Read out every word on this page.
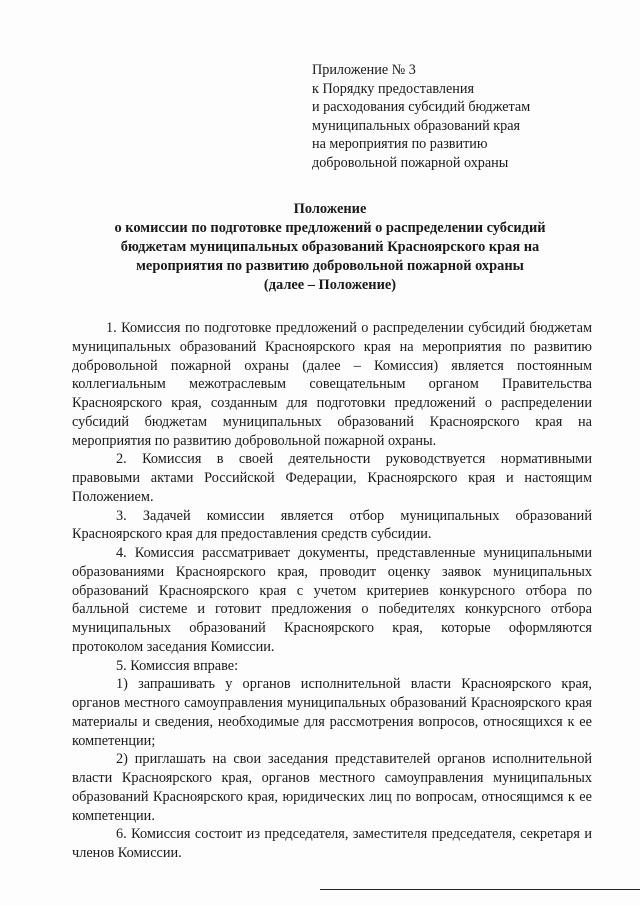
Приложение № 3
к Порядку предоставления
и расходования субсидий бюджетам
муниципальных образований края
на мероприятия по развитию
добровольной пожарной охраны
Положение
о комиссии по подготовке предложений о распределении субсидий
бюджетам муниципальных образований Красноярского края на
мероприятия по развитию добровольной пожарной охраны
(далее – Положение)

1. Комиссия по подготовке предложений о распределении субсидий бюджетам муниципальных образований Красноярского края на мероприятия по развитию добровольной пожарной охраны (далее – Комиссия) является постоянным коллегиальным межотраслевым совещательным органом Правительства Красноярского края, созданным для подготовки предложений о распределении субсидий бюджетам муниципальных образований Красноярского края на мероприятия по развитию добровольной пожарной охраны.

2. Комиссия в своей деятельности руководствуется нормативными правовыми актами Российской Федерации, Красноярского края и настоящим Положением.

3. Задачей комиссии является отбор муниципальных образований Красноярского края для предоставления средств субсидии.

4. Комиссия рассматривает документы, представленные муниципальными образованиями Красноярского края, проводит оценку заявок муниципальных образований Красноярского края с учетом критериев конкурсного отбора по балльной системе и готовит предложения о победителях конкурсного отбора муниципальных образований Красноярского края, которые оформляются протоколом заседания Комиссии.

5. Комиссия вправе:

1) запрашивать у органов исполнительной власти Красноярского края, органов местного самоуправления муниципальных образований Красноярского края материалы и сведения, необходимые для рассмотрения вопросов, относящихся к ее компетенции;

2) приглашать на свои заседания представителей органов исполнительной власти Красноярского края, органов местного самоуправления муниципальных образований Красноярского края, юридических лиц по вопросам, относящимся к ее компетенции.

6. Комиссия состоит из председателя, заместителя председателя, секретаря и членов Комиссии.
